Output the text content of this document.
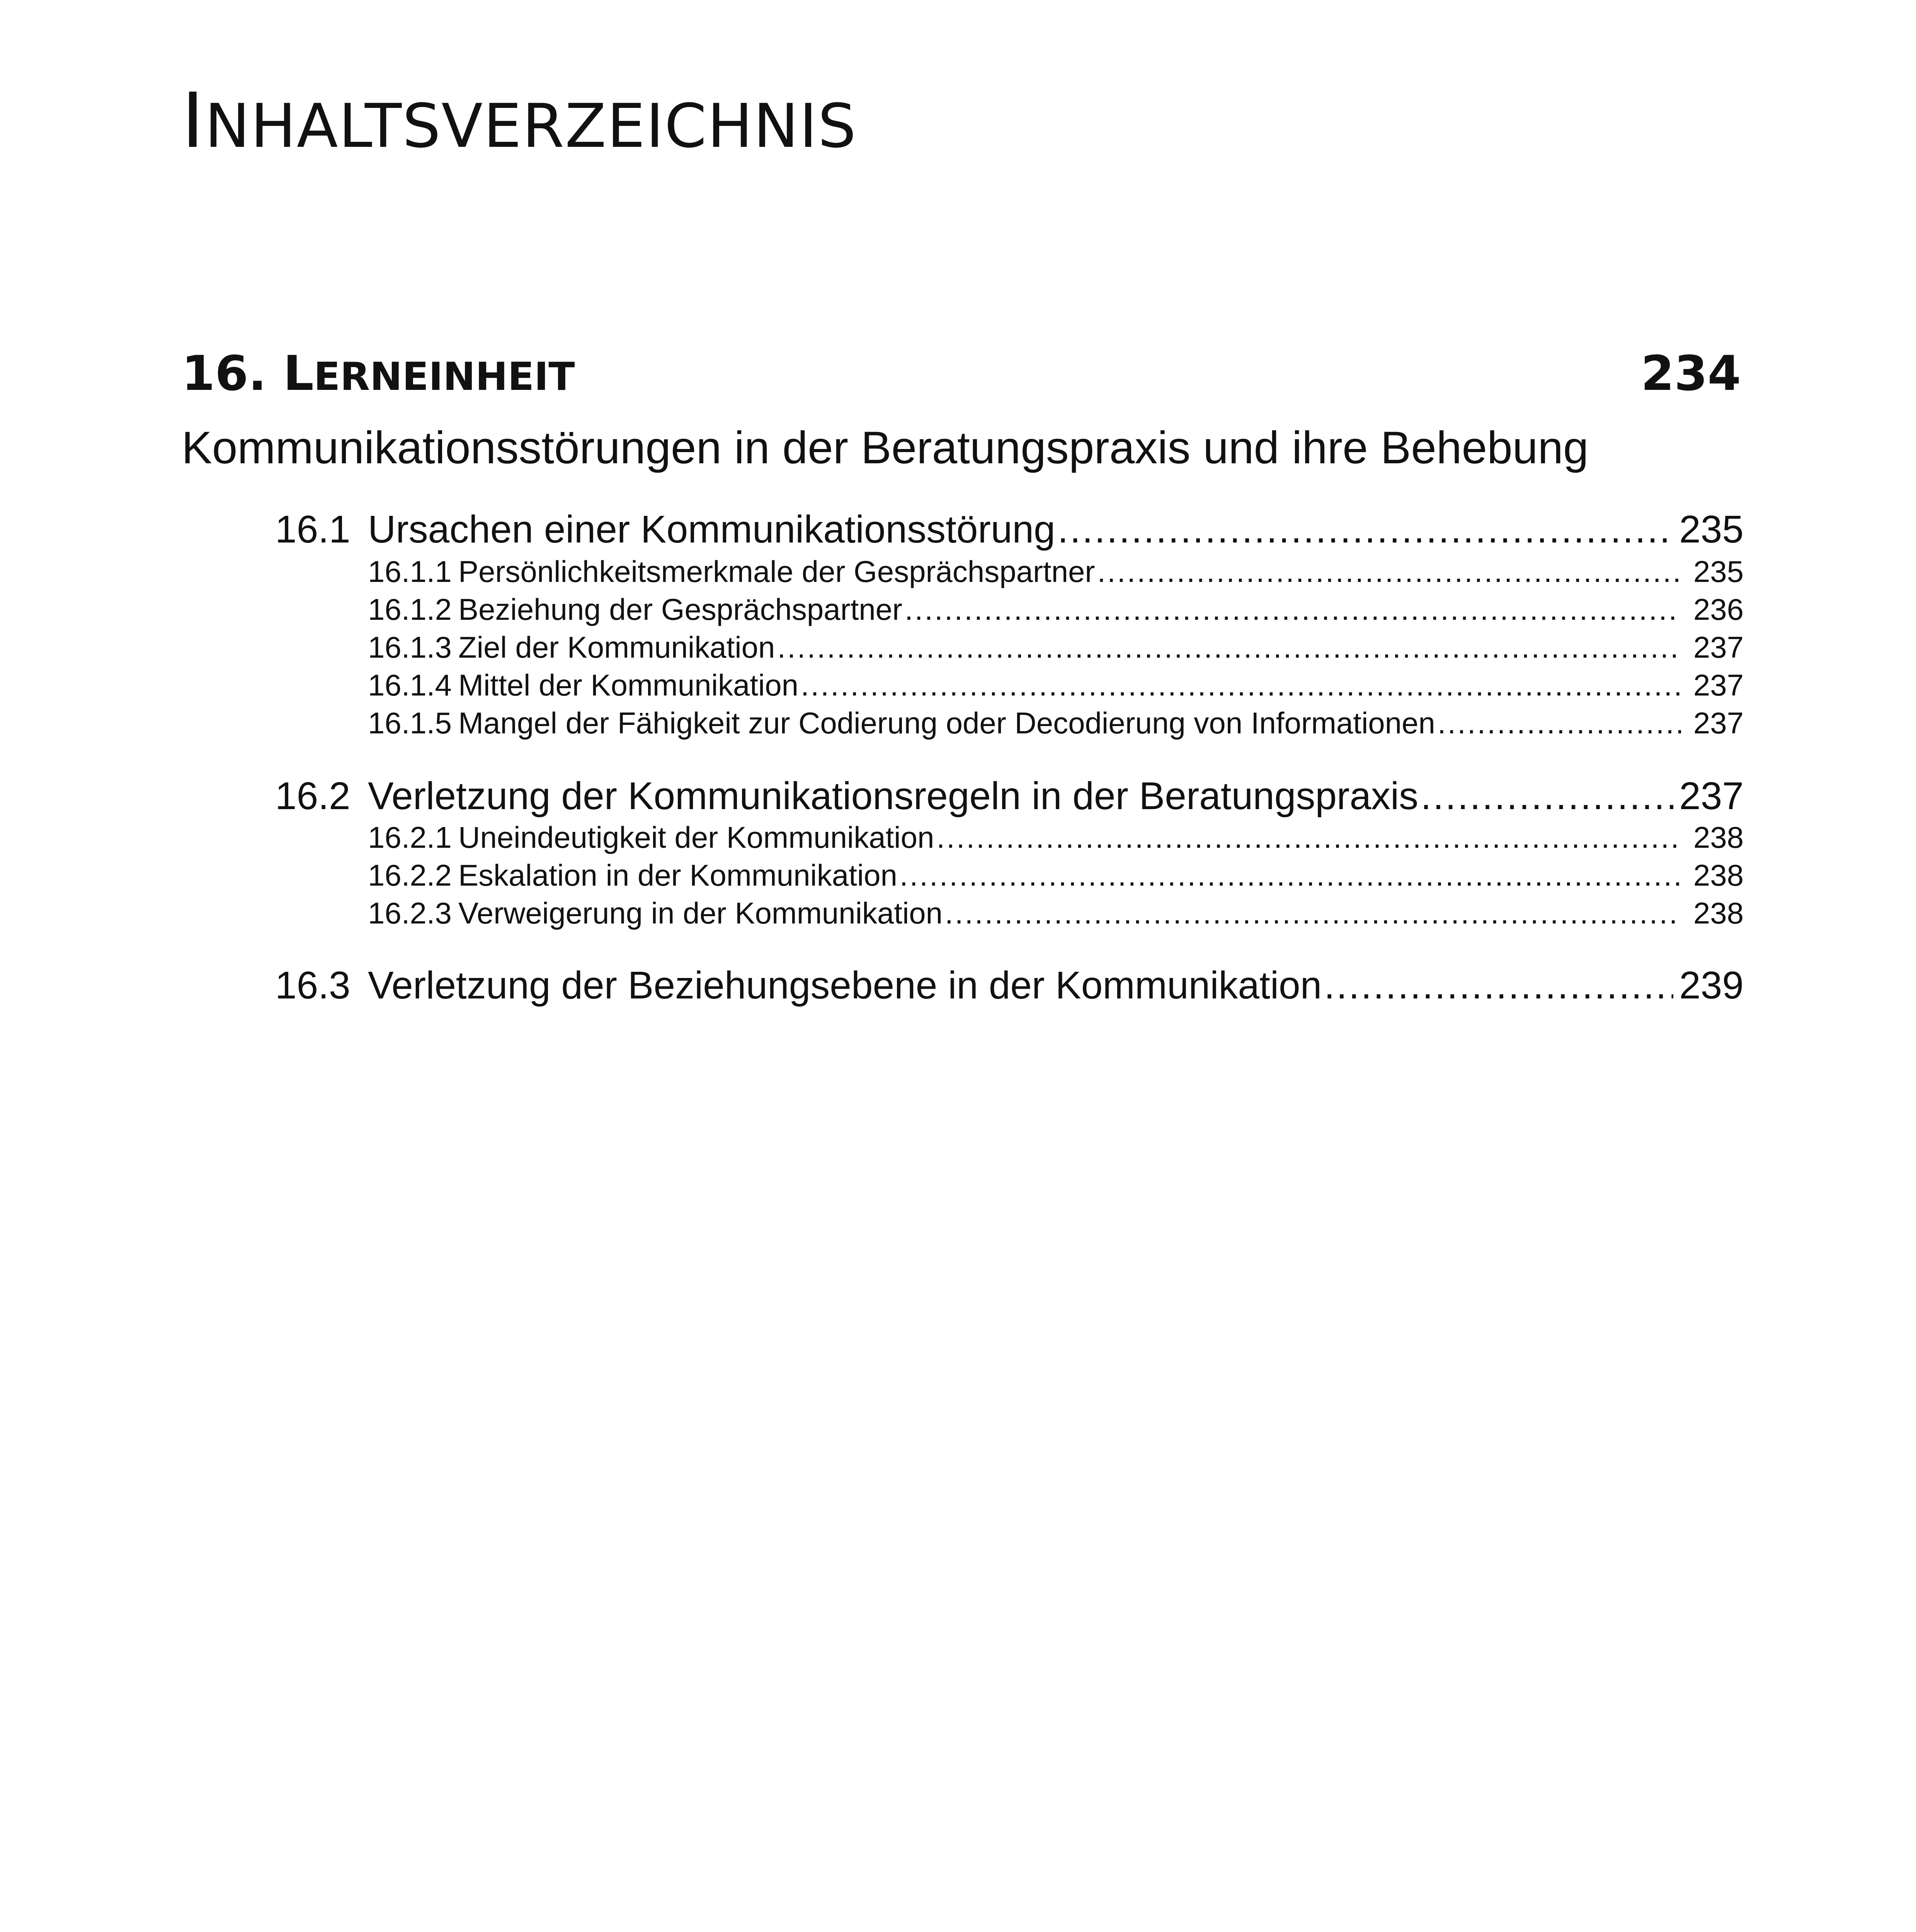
INHALTSVERZEICHNIS
16. LERNEINHEIT	234
Kommunikationsstörungen in der Beratungspraxis und ihre Behebung
16.1 Ursachen einer Kommunikationsstörung .....	235
16.1.1 Persönlichkeitsmerkmale der Gesprächspartner .....	235
16.1.2 Beziehung der Gesprächspartner .....	236
16.1.3 Ziel der Kommunikation .....	237
16.1.4 Mittel der Kommunikation .....	237
16.1.5 Mangel der Fähigkeit zur Codierung oder Decodierung von Informationen .....	237
16.2 Verletzung der Kommunikationsregeln in der Beratungspraxis .....	237
16.2.1 Uneindeutigkeit der Kommunikation .....	238
16.2.2 Eskalation in der Kommunikation .....	238
16.2.3 Verweigerung in der Kommunikation .....	238
16.3 Verletzung der Beziehungsebene in der Kommunikation .....	239
